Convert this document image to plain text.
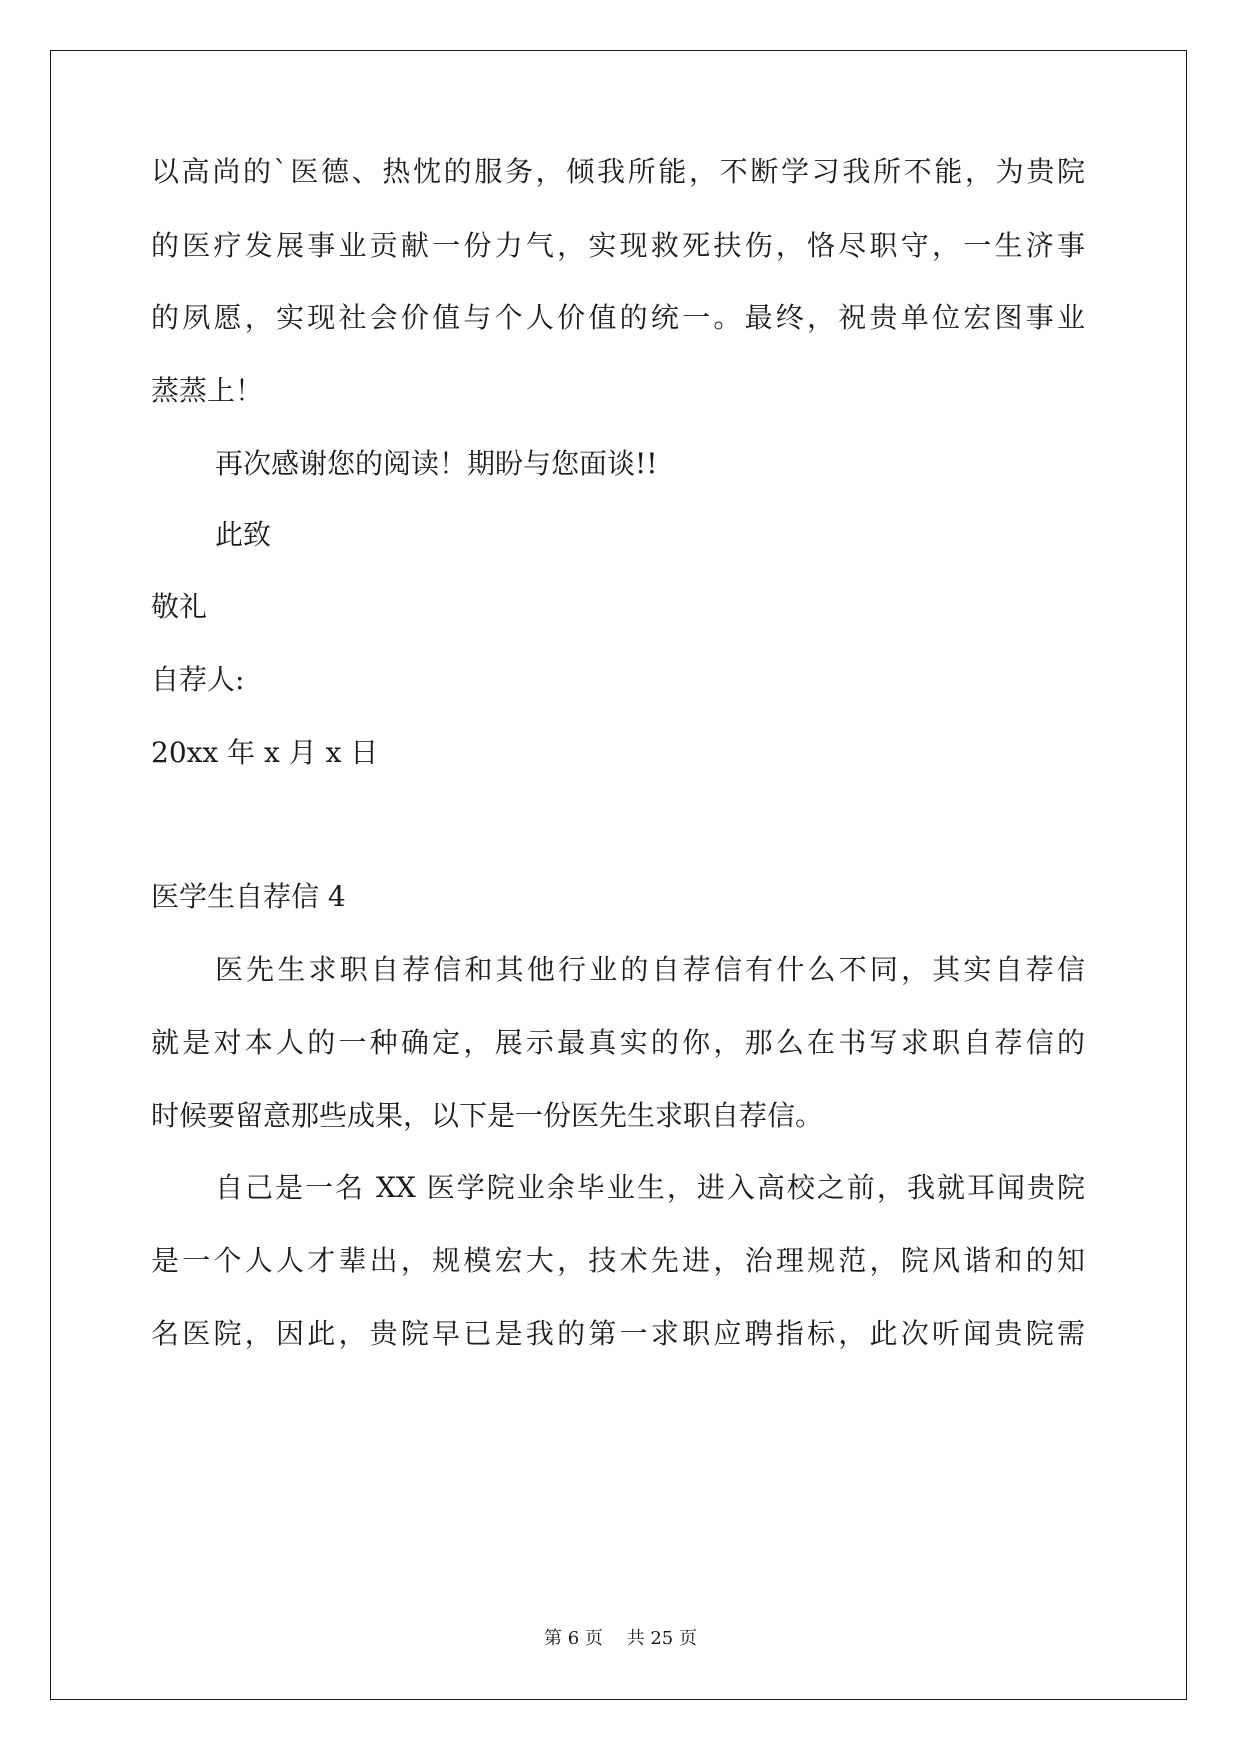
以高尚的`医德、热忱的服务，倾我所能，不断学习我所不能，为贵院
的医疗发展事业贡献一份力气，实现救死扶伤，恪尽职守，一生济事
的夙愿，实现社会价值与个人价值的统一。最终，祝贵单位宏图事业
蒸蒸上！
再次感谢您的阅读！期盼与您面谈!!
此致
敬礼
自荐人:
20xx 年 x 月 x 日
医学生自荐信 4
医先生求职自荐信和其他行业的自荐信有什么不同，其实自荐信
就是对本人的一种确定，展示最真实的你，那么在书写求职自荐信的
时候要留意那些成果，以下是一份医先生求职自荐信。
自己是一名 XX 医学院业余毕业生，进入高校之前，我就耳闻贵院
是一个人人才辈出，规模宏大，技术先进，治理规范，院风谐和的知
名医院，因此，贵院早已是我的第一求职应聘指标，此次听闻贵院需
第 6 页　 共 25 页
